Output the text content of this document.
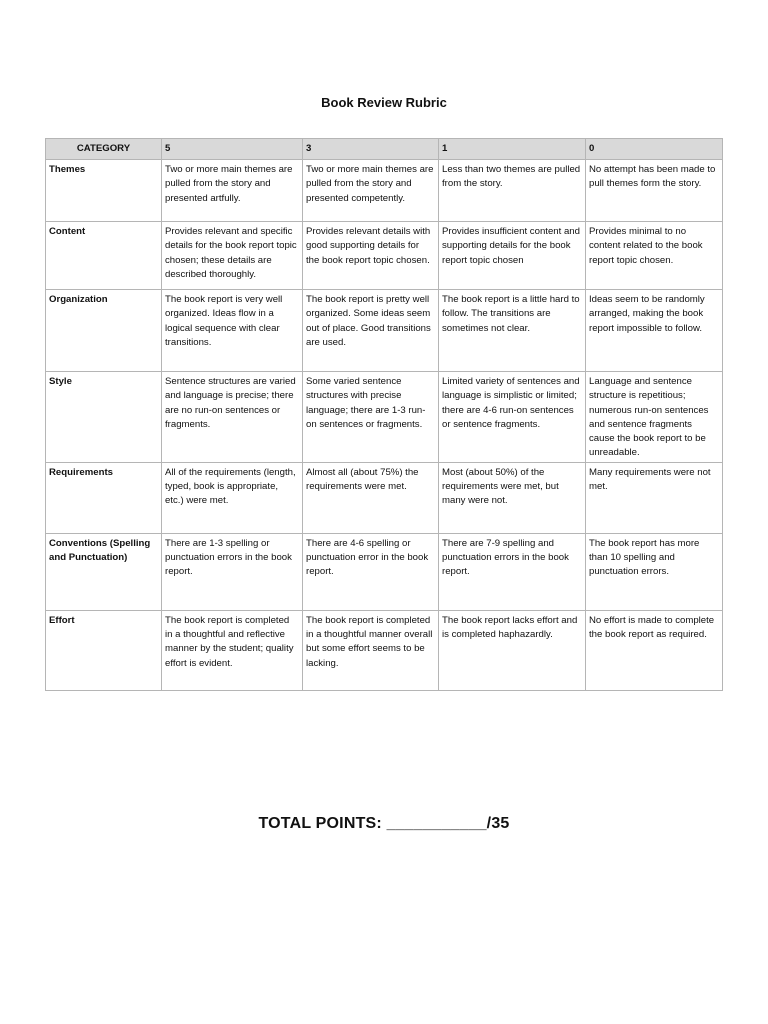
Book Review Rubric
CATEGORY	5	3	1	0
Themes	Two or more main themes are pulled from the story and presented artfully.	Two or more main themes are pulled from the story and presented competently.	Less than two themes are pulled from the story.	No attempt has been made to pull themes form the story.
Content	Provides relevant and specific details for the book report topic chosen; these details are described thoroughly.	Provides relevant details with good supporting details for the book report topic chosen.	Provides insufficient content and supporting details for the book report topic chosen	Provides minimal to no content related to the book report topic chosen.
Organization	The book report is very well organized. Ideas flow in a logical sequence with clear transitions.	The book report is pretty well organized. Some ideas seem out of place. Good transitions are used.	The book report is a little hard to follow. The transitions are sometimes not clear.	Ideas seem to be randomly arranged, making the book report impossible to follow.
Style	Sentence structures are varied and language is precise; there are no run-on sentences or fragments.	Some varied sentence structures with precise language; there are 1-3 run-on sentences or fragments.	Limited variety of sentences and language is simplistic or limited; there are 4-6 run-on sentences or sentence fragments.	Language and sentence structure is repetitious; numerous run-on sentences and sentence fragments cause the book report to be unreadable.
Requirements	All of the requirements (length, typed, book is appropriate, etc.) were met.	Almost all (about 75%) the requirements were met.	Most (about 50%) of the requirements were met, but many were not.	Many requirements were not met.
Conventions (Spelling and Punctuation)	There are 1-3 spelling or punctuation errors in the book report.	There are 4-6 spelling or punctuation error in the book report.	There are 7-9 spelling and punctuation errors in the book report.	The book report has more than 10 spelling and punctuation errors.
Effort	The book report is completed in a thoughtful and reflective manner by the student; quality effort is evident.	The book report is completed in a thoughtful manner overall but some effort seems to be lacking.	The book report lacks effort and is completed haphazardly.	No effort is made to complete the book report as required.
TOTAL POINTS: ___________/35
